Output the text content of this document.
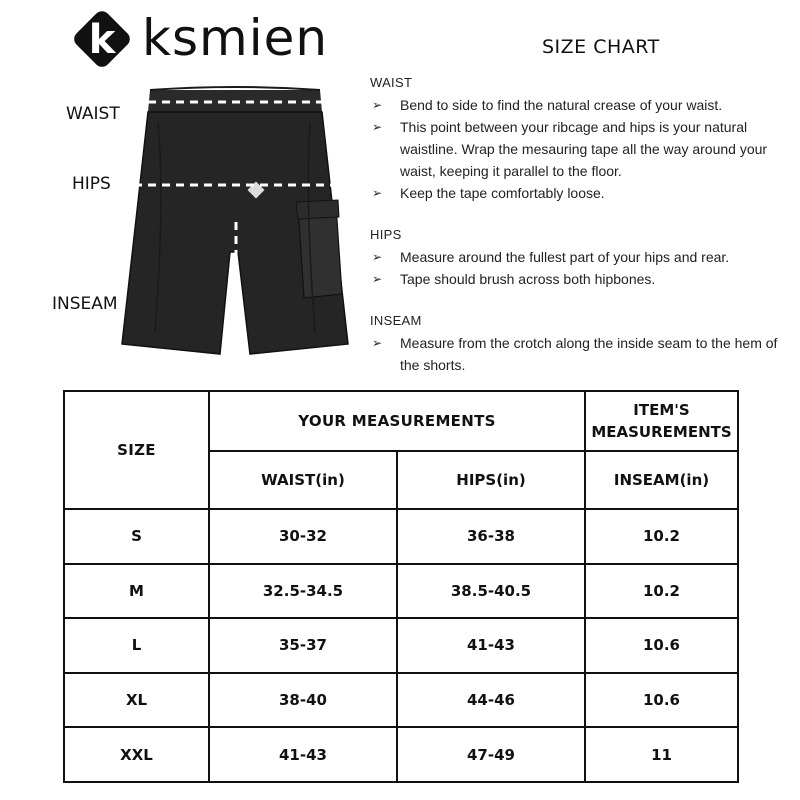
k ksmien	SIZE CHART
WAIST
HIPS
INSEAM
WAIST
➢ Bend to side to find the natural crease of your waist.
➢ This point between your ribcage and hips is your natural waistline. Wrap the mesauring tape all the way around your waist, keeping it parallel to the floor.
➢ Keep the tape comfortably loose.
HIPS
➢ Measure around the fullest part of your hips and rear.
➢ Tape should brush across both hipbones.
INSEAM
➢ Measure from the crotch along the inside seam to the hem of the shorts.
SIZE	YOUR MEASUREMENTS		ITEM'S MEASUREMENTS
	WAIST(in)	HIPS(in)	INSEAM(in)
S	30-32	36-38	10.2
M	32.5-34.5	38.5-40.5	10.2
L	35-37	41-43	10.6
XL	38-40	44-46	10.6
XXL	41-43	47-49	11
